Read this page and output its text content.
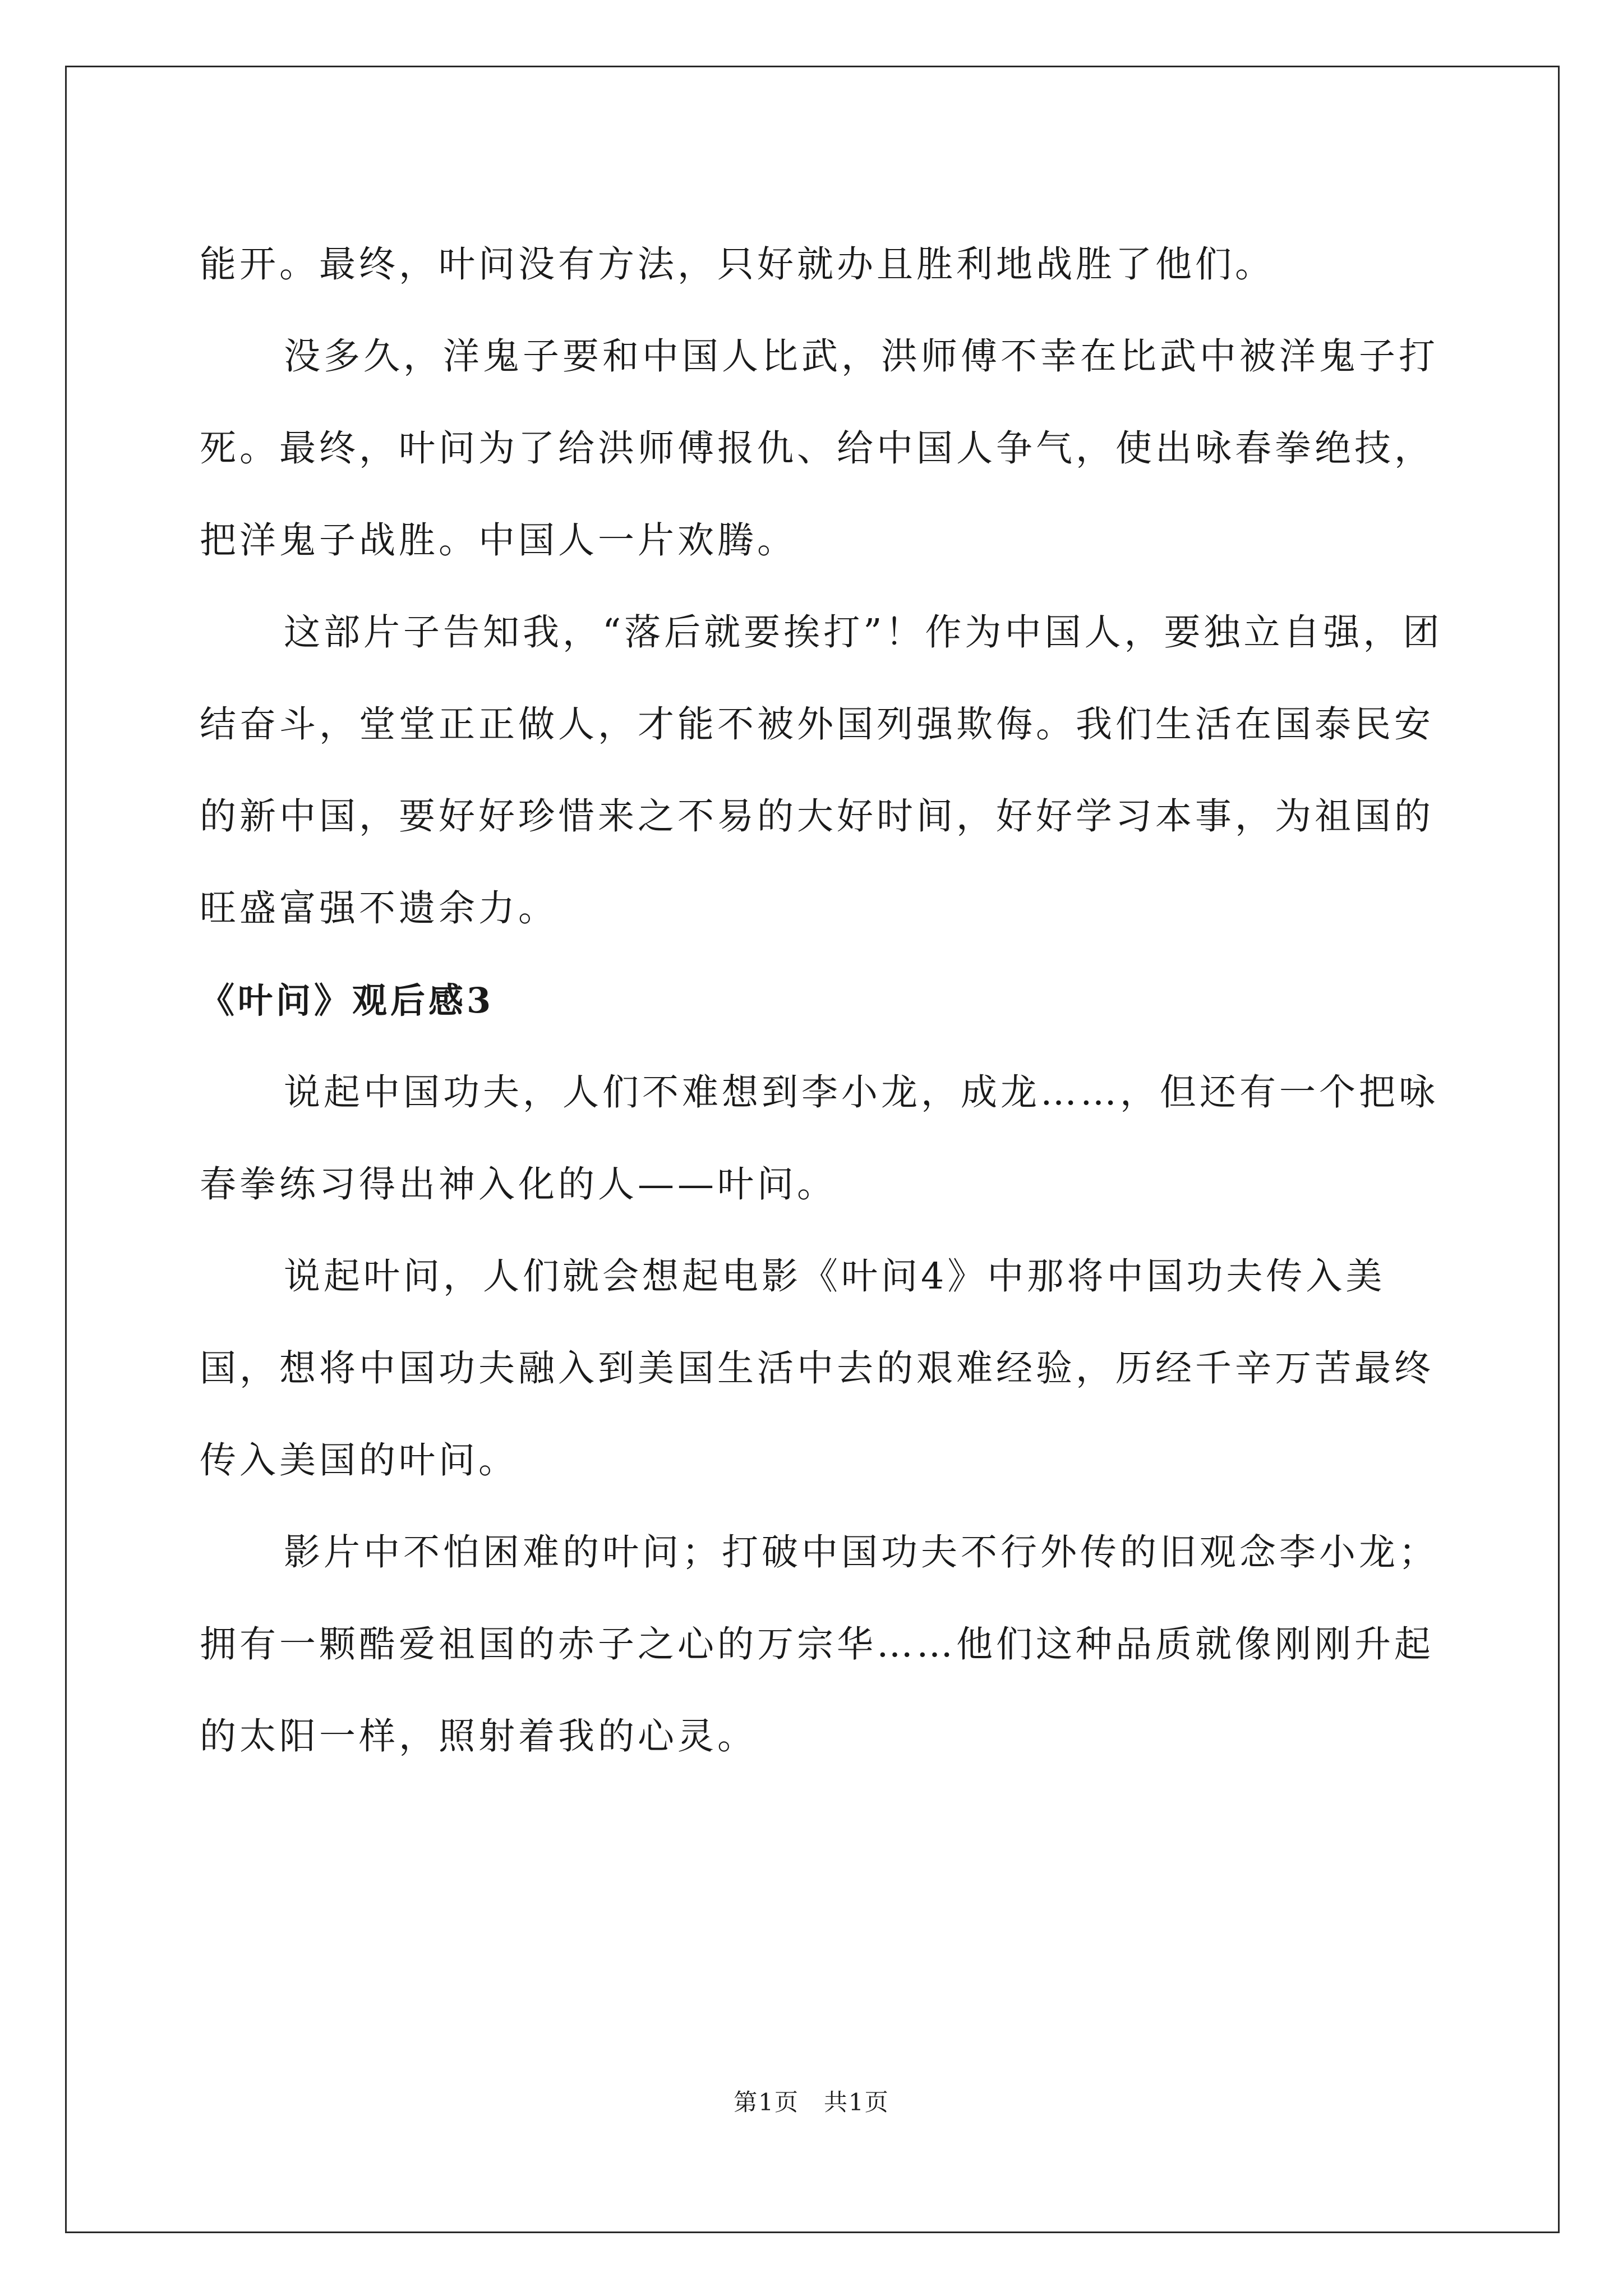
能开。最终，叶问没有方法，只好就办且胜利地战胜了他们。

没多久，洋鬼子要和中国人比武，洪师傅不幸在比武中被洋鬼子打死。最终，叶问为了给洪师傅报仇、给中国人争气，使出咏春拳绝技，把洋鬼子战胜。中国人一片欢腾。

这部片子告知我，“落后就要挨打”！作为中国人，要独立自强，团结奋斗，堂堂正正做人，才能不被外国列强欺侮。我们生活在国泰民安的新中国，要好好珍惜来之不易的大好时间，好好学习本事，为祖国的旺盛富强不遗余力。

《叶问》观后感3

说起中国功夫，人们不难想到李小龙，成龙……，但还有一个把咏春拳练习得出神入化的人——叶问。

说起叶问，人们就会想起电影《叶问4》中那将中国功夫传入美国，想将中国功夫融入到美国生活中去的艰难经验，历经千辛万苦最终传入美国的叶问。

影片中不怕困难的叶问；打破中国功夫不行外传的旧观念李小龙；拥有一颗酷爱祖国的赤子之心的万宗华……他们这种品质就像刚刚升起的太阳一样，照射着我的心灵。

第1页　共1页
